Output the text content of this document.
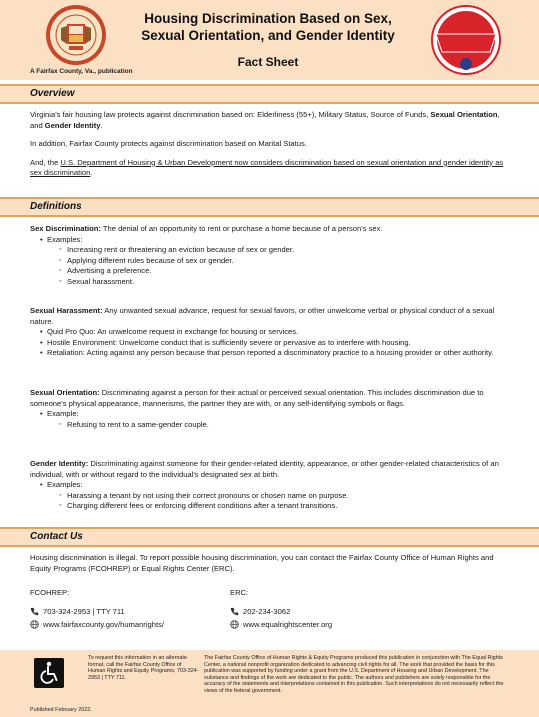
A Fairfax County, Va., publication
Housing Discrimination Based on Sex, Sexual Orientation, and Gender Identity
Fact Sheet
Overview

Virginia's fair housing law protects against discrimination based on: Elderliness (55+), Military Status, Source of Funds, Sexual Orientation, and Gender Identity.

In addition, Fairfax County protects against discrimination based on Marital Status.

And, the U.S. Department of Housing & Urban Development now considers discrimination based on sexual orientation and gender identity as sex discrimination.

Definitions

Sex Discrimination: The denial of an opportunity to rent or purchase a home because of a person's sex.

• Examples:
◦ Increasing rent or threatening an eviction because of sex or gender.
◦ Applying different rules because of sex or gender.
◦ Advertising a preference.
◦ Sexual harassment.

Sexual Harassment: Any unwanted sexual advance, request for sexual favors, or other unwelcome verbal or physical conduct of a sexual nature.

• Quid Pro Quo: An unwelcome request in exchange for housing or services.
• Hostile Environment: Unwelcome conduct that is sufficiently severe or pervasive as to interfere with housing.
• Retaliation: Acting against any person because that person reported a discriminatory practice to a housing provider or other authority.

Sexual Orientation: Discriminating against a person for their actual or perceived sexual orientation. This includes discrimination due to someone's physical appearance, mannerisms, the partner they are with, or any self-identifying symbols or flags.

• Example:
◦ Refusing to rent to a same-gender couple.

Gender Identity: Discriminating against someone for their gender-related identity, appearance, or other gender-related characteristics of an individual, with or without regard to the individual's designated sex at birth.

• Examples:
◦ Harassing a tenant by not using their correct pronouns or chosen name on purpose.
◦ Charging different fees or enforcing different conditions after a tenant transitions.
Contact Us
Housing discrimination is illegal. To report possible housing discrimination, you can contact the Fairfax County Office of Human Rights and Equity Programs (FCOHREP) or Equal Rights Center (ERC).
FCOHREP:
703-324-2953 | TTY 711
www.fairfaxcounty.gov/humanrights/
ERC:
202-234-3062
www.equalrightscenter.org
To request this information in an alternate format, call the Fairfax County Office of Human Rights and Equity Programs, 703-324-2953 | TTY 711.
Published February 2022.
The Fairfax County Office of Human Rights & Equity Programs produced this publication in conjunction with The Equal Rights Center, a national nonprofit organization dedicated to advancing civil rights for all. The work that provided the basis for this publication was supported by funding under a grant from the U.S. Department of Housing and Urban Development. The substance and findings of the work are dedicated to the public. The authors and publishers are solely responsible for the accuracy of the statements and interpretations contained in this publication. Such interpretations do not necessarily reflect the views of the federal government.
